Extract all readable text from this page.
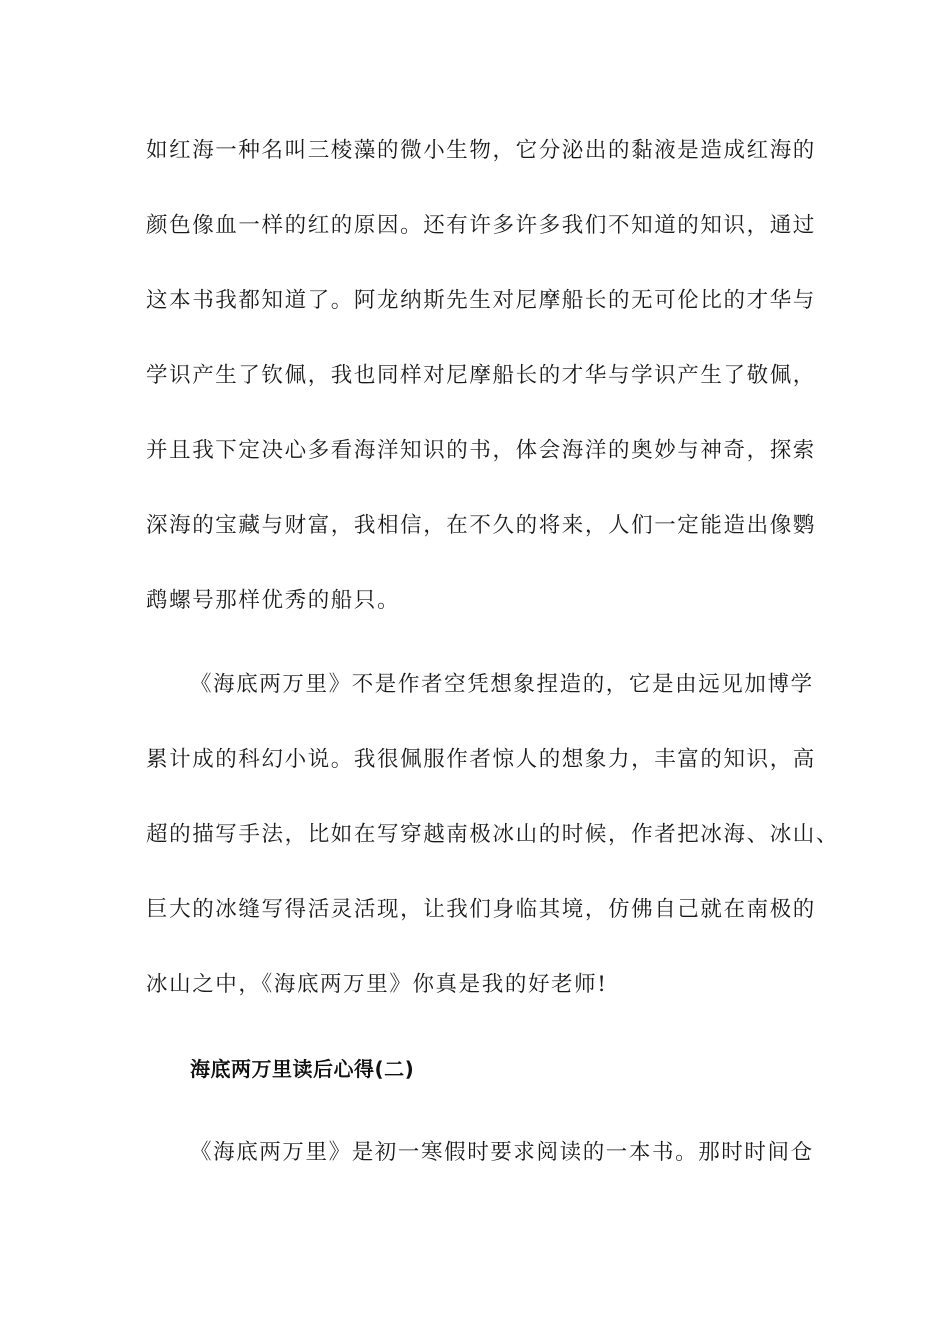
如红海一种名叫三棱藻的微小生物，它分泌出的黏液是造成红海的
颜色像血一样的红的原因。还有许多许多我们不知道的知识，通过
这本书我都知道了。阿龙纳斯先生对尼摩船长的无可伦比的才华与
学识产生了钦佩，我也同样对尼摩船长的才华与学识产生了敬佩，
并且我下定决心多看海洋知识的书，体会海洋的奥妙与神奇，探索
深海的宝藏与财富，我相信，在不久的将来，人们一定能造出像鹦
鹉螺号那样优秀的船只。
《海底两万里》不是作者空凭想象捏造的，它是由远见加博学
累计成的科幻小说。我很佩服作者惊人的想象力，丰富的知识，高
超的描写手法，比如在写穿越南极冰山的时候，作者把冰海、冰山、
巨大的冰缝写得活灵活现，让我们身临其境，仿佛自己就在南极的
冰山之中，《海底两万里》你真是我的好老师!
海底两万里读后心得(二)
《海底两万里》是初一寒假时要求阅读的一本书。那时时间仓
